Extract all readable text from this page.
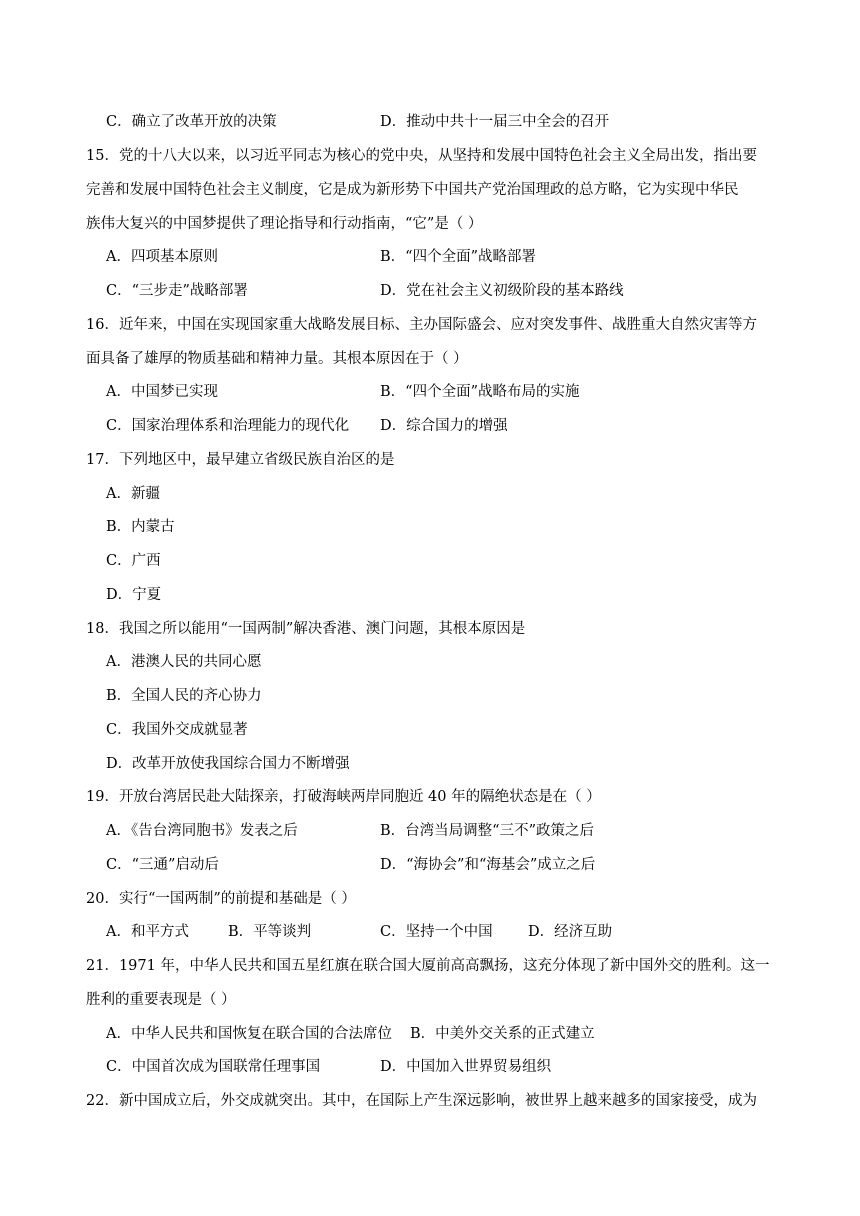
C．确立了改革开放的决策	D．推动中共十一届三中全会的召开
15．党的十八大以来，以习近平同志为核心的党中央，从坚持和发展中国特色社会主义全局出发，指出要
完善和发展中国特色社会主义制度，它是成为新形势下中国共产党治国理政的总方略，它为实现中华民
族伟大复兴的中国梦提供了理论指导和行动指南，“它”是（ ）
A．四项基本原则	B．“四个全面”战略部署
C．“三步走”战略部署	D．党在社会主义初级阶段的基本路线
16．近年来，中国在实现国家重大战略发展目标、主办国际盛会、应对突发事件、战胜重大自然灾害等方
面具备了雄厚的物质基础和精神力量。其根本原因在于（ ）
A．中国梦已实现	B．“四个全面”战略布局的实施
C．国家治理体系和治理能力的现代化 D．综合国力的增强
17．下列地区中，最早建立省级民族自治区的是
A．新疆
B．内蒙古
C．广西
D．宁夏
18．我国之所以能用“一国两制”解决香港、澳门问题，其根本原因是
A．港澳人民的共同心愿
B．全国人民的齐心协力
C．我国外交成就显著
D．改革开放使我国综合国力不断增强
19．开放台湾居民赴大陆探亲，打破海峡两岸同胞近 40 年的隔绝状态是在（ ）
A．《告台湾同胞书》发表之后	B．台湾当局调整“三不”政策之后
C．“三通”启动后	D．“海协会”和“海基会”成立之后
20．实行“一国两制”的前提和基础是（ ）
A．和平方式	B．平等谈判	C．坚持一个中国 D．经济互助
21．1971 年，中华人民共和国五星红旗在联合国大厦前高高飘扬，这充分体现了新中国外交的胜利。这一
胜利的重要表现是（ ）
A．中华人民共和国恢复在联合国的合法席位 B．中美外交关系的正式建立
C．中国首次成为国联常任理事国	D．中国加入世界贸易组织
22．新中国成立后，外交成就突出。其中，在国际上产生深远影响，被世界上越来越多的国家接受，成为
